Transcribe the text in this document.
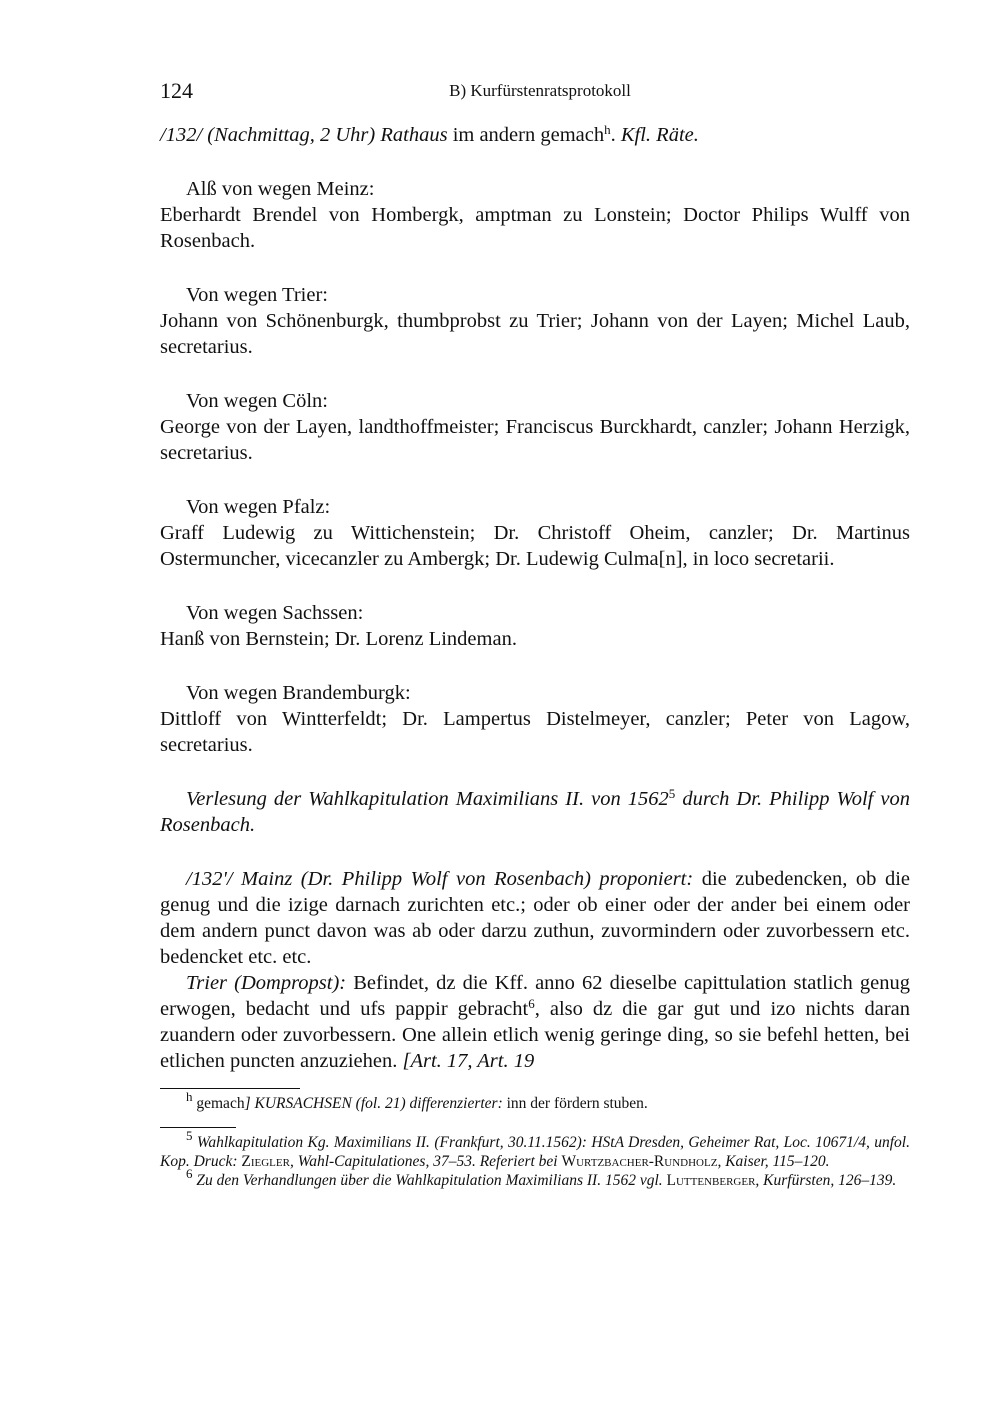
124	B) Kurfürstenratsprotokoll

/132/ (Nachmittag, 2 Uhr) Rathaus im andern gemach$^h$. Kfl. Räte.

Alß von wegen Meinz:

Eberhardt Brendel von Hombergk, amptman zu Lonstein; Doctor Philips Wulff von Rosenbach.

Von wegen Trier:

Johann von Schönenburgk, thumbprobst zu Trier; Johann von der Layen; Michel Laub, secretarius.

Von wegen Cöln:

George von der Layen, landthoffmeister; Franciscus Burckhardt, canzler; Johann Herzigk, secretarius.

Von wegen Pfalz:

Graff Ludewig zu Wittichenstein; Dr. Christoff Oheim, canzler; Dr. Martinus Ostermuncher, vicecanzler zu Ambergk; Dr. Ludewig Culma[n], in loco secretarii.

Von wegen Sachssen:

Hanß von Bernstein; Dr. Lorenz Lindeman.

Von wegen Brandemburgk:

Dittloff von Wintterfeldt; Dr. Lampertus Distelmeyer, canzler; Peter von Lagow, secretarius.

Verlesung der Wahlkapitulation Maximilians II. von 1562$^5$ durch Dr. Philipp Wolf von Rosenbach.

/132'/ Mainz (Dr. Philipp Wolf von Rosenbach) proponiert: die zubedencken, ob die genug und die izige darnach zurichten etc.; oder ob einer oder der ander bei einem oder dem andern punct davon was ab oder darzu zuthun, zuvormindern oder zuvorbessern etc. bedencket etc. etc.

Trier (Dompropst): Befindet, dz die Kff. anno 62 dieselbe capittulation statlich genug erwogen, bedacht und ufs pappir gebracht$^6$, also dz die gar gut und izo nichts daran zuandern oder zuvorbessern. One allein etlich wenig geringe ding, so sie befehl hetten, bei etlichen puncten anzuziehen. [Art. 17, Art. 19

$^h$ gemach] KURSACHSEN (fol. 21) differenzierter: inn der fördern stuben.

$^5$ Wahlkapitulation Kg. Maximilians II. (Frankfurt, 30.11.1562): HStA Dresden, Geheimer Rat, Loc. 10671/4, unfol. Kop. Druck: Ziegler, Wahl-Capitulationes, 37–53. Referiert bei Wurtzbacher-Rundholz, Kaiser, 115–120.

$^6$ Zu den Verhandlungen über die Wahlkapitulation Maximilians II. 1562 vgl. Luttenberger, Kurfürsten, 126–139.
